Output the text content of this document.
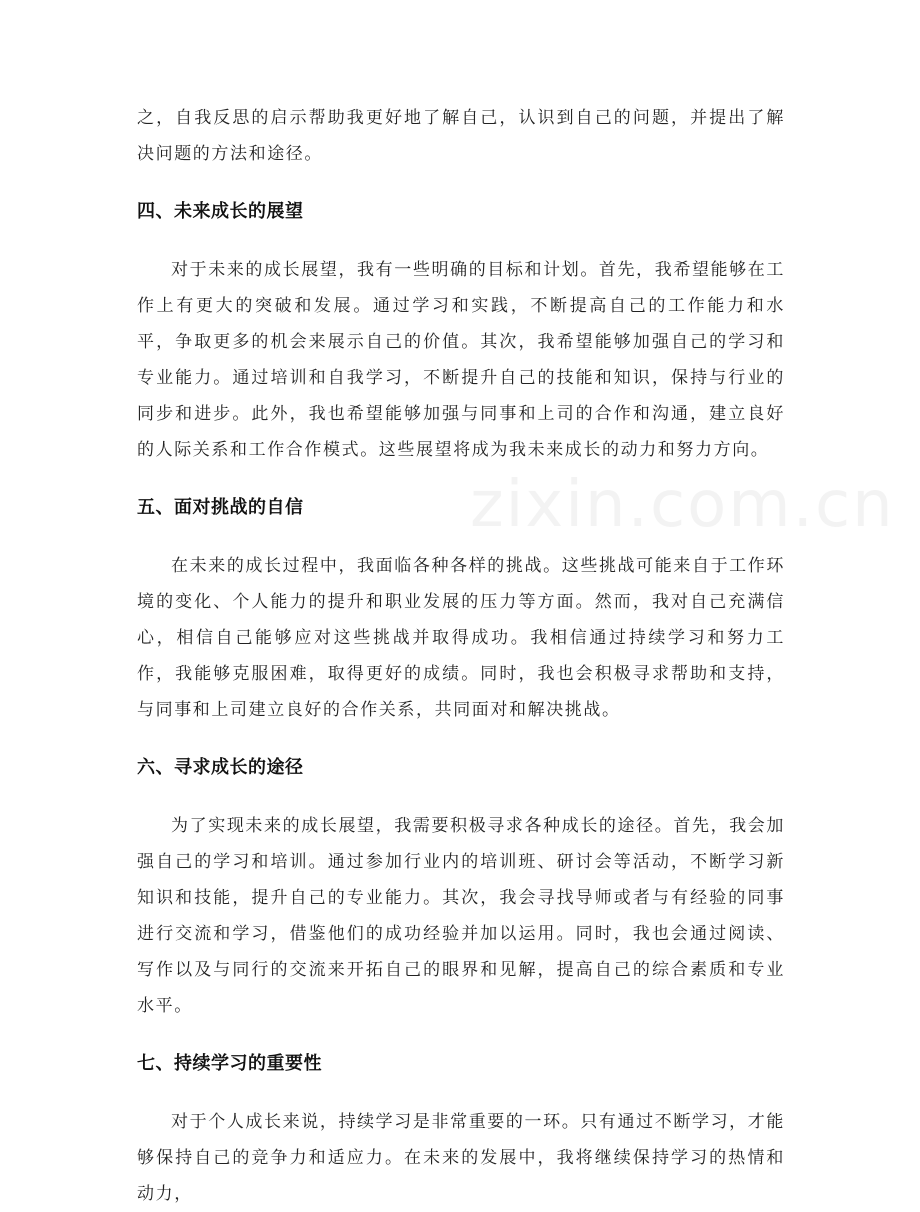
之，自我反思的启示帮助我更好地了解自己，认识到自己的问题，并提出了解决问题的方法和途径。

四、未来成长的展望

对于未来的成长展望，我有一些明确的目标和计划。首先，我希望能够在工作上有更大的突破和发展。通过学习和实践，不断提高自己的工作能力和水平，争取更多的机会来展示自己的价值。其次，我希望能够加强自己的学习和专业能力。通过培训和自我学习，不断提升自己的技能和知识，保持与行业的同步和进步。此外，我也希望能够加强与同事和上司的合作和沟通，建立良好的人际关系和工作合作模式。这些展望将成为我未来成长的动力和努力方向。

五、面对挑战的自信

在未来的成长过程中，我面临各种各样的挑战。这些挑战可能来自于工作环境的变化、个人能力的提升和职业发展的压力等方面。然而，我对自己充满信心，相信自己能够应对这些挑战并取得成功。我相信通过持续学习和努力工作，我能够克服困难，取得更好的成绩。同时，我也会积极寻求帮助和支持，与同事和上司建立良好的合作关系，共同面对和解决挑战。

六、寻求成长的途径

为了实现未来的成长展望，我需要积极寻求各种成长的途径。首先，我会加强自己的学习和培训。通过参加行业内的培训班、研讨会等活动，不断学习新知识和技能，提升自己的专业能力。其次，我会寻找导师或者与有经验的同事进行交流和学习，借鉴他们的成功经验并加以运用。同时，我也会通过阅读、写作以及与同行的交流来开拓自己的眼界和见解，提高自己的综合素质和专业水平。

七、持续学习的重要性

对于个人成长来说，持续学习是非常重要的一环。只有通过不断学习，才能够保持自己的竞争力和适应力。在未来的发展中，我将继续保持学习的热情和动力，

zixin.com.cn
